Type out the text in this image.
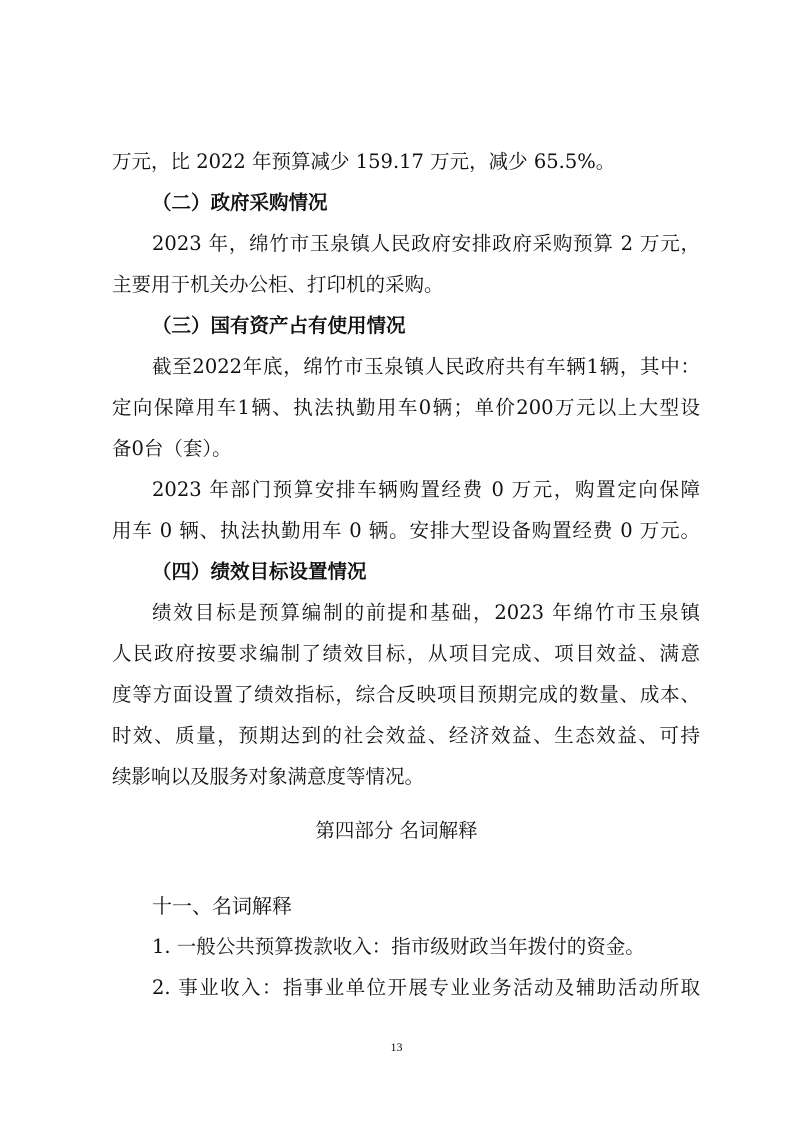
万元，比 2022 年预算减少 159.17 万元，减少 65.5%。
（二）政府采购情况
2023 年，绵竹市玉泉镇人民政府安排政府采购预算 2 万元，
主要用于机关办公柜、打印机的采购。
（三）国有资产占有使用情况
截至2022年底，绵竹市玉泉镇人民政府共有车辆1辆，其中：
定向保障用车1辆、执法执勤用车0辆；单价200万元以上大型设
备0台（套）。
2023 年部门预算安排车辆购置经费 0 万元，购置定向保障
用车 0 辆、执法执勤用车 0 辆。安排大型设备购置经费 0 万元。
（四）绩效目标设置情况
绩效目标是预算编制的前提和基础，2023 年绵竹市玉泉镇
人民政府按要求编制了绩效目标，从项目完成、项目效益、满意
度等方面设置了绩效指标，综合反映项目预期完成的数量、成本、
时效、质量，预期达到的社会效益、经济效益、生态效益、可持
续影响以及服务对象满意度等情况。
第四部分 名词解释
十一、名词解释
1. 一般公共预算拨款收入：指市级财政当年拨付的资金。
2. 事业收入：指事业单位开展专业业务活动及辅助活动所取
13
